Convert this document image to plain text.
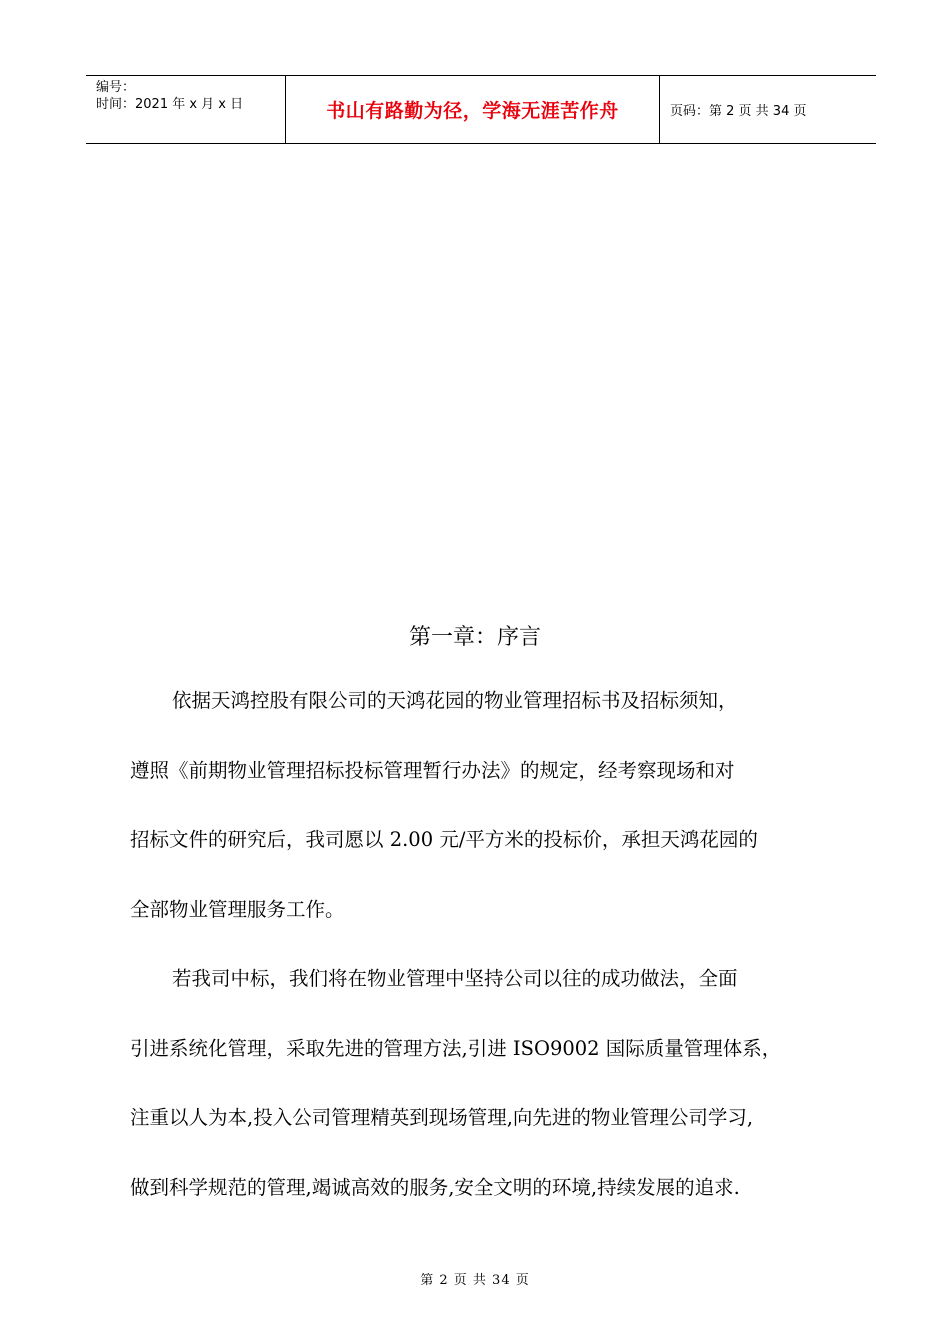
编号：
时间：2021 年 x 月 x 日	书山有路勤为径，学海无涯苦作舟	页码：第 2 页 共 34 页
第一章：序言
依据天鸿控股有限公司的天鸿花园的物业管理招标书及招标须知，
遵照《前期物业管理招标投标管理暂行办法》的规定，经考察现场和对
招标文件的研究后，我司愿以 2.00 元/平方米的投标价，承担天鸿花园的
全部物业管理服务工作。
若我司中标，我们将在物业管理中坚持公司以往的成功做法，全面
引进系统化管理，采取先进的管理方法,引进 ISO9002 国际质量管理体系，
注重以人为本,投入公司管理精英到现场管理,向先进的物业管理公司学习,
做到科学规范的管理,竭诚高效的服务,安全文明的环境,持续发展的追求.
第 2 页 共 34 页
